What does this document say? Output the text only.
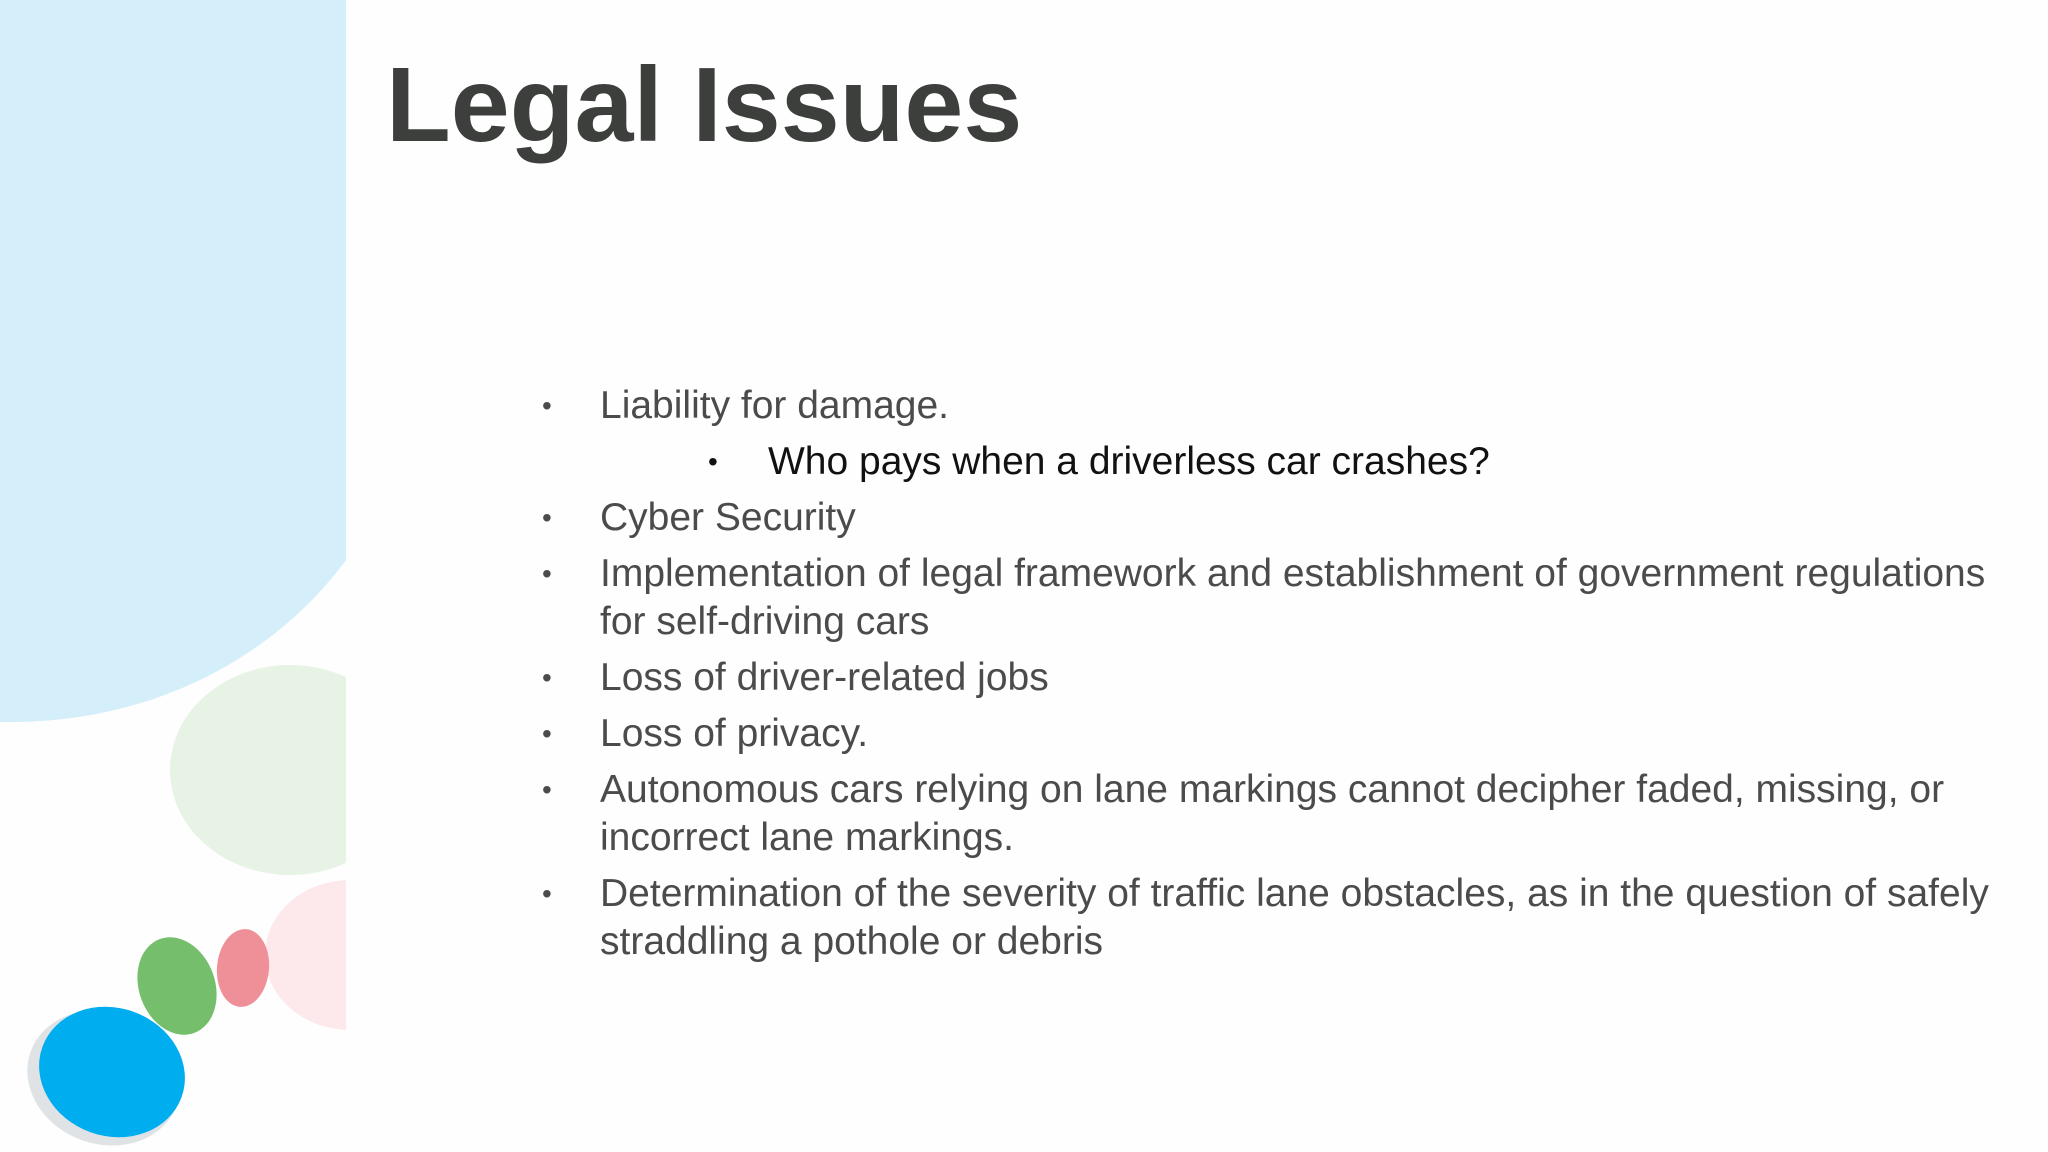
Legal Issues
•	Liability for damage.
•	Who pays when a driverless car crashes?
•	Cyber Security
•	Implementation of legal framework and establishment of government regulations for self-driving cars
•	Loss of driver-related jobs
•	Loss of privacy.
•	Autonomous cars relying on lane markings cannot decipher faded, missing, or incorrect lane markings.
•	Determination of the severity of traffic lane obstacles, as in the question of safely straddling a pothole or debris
